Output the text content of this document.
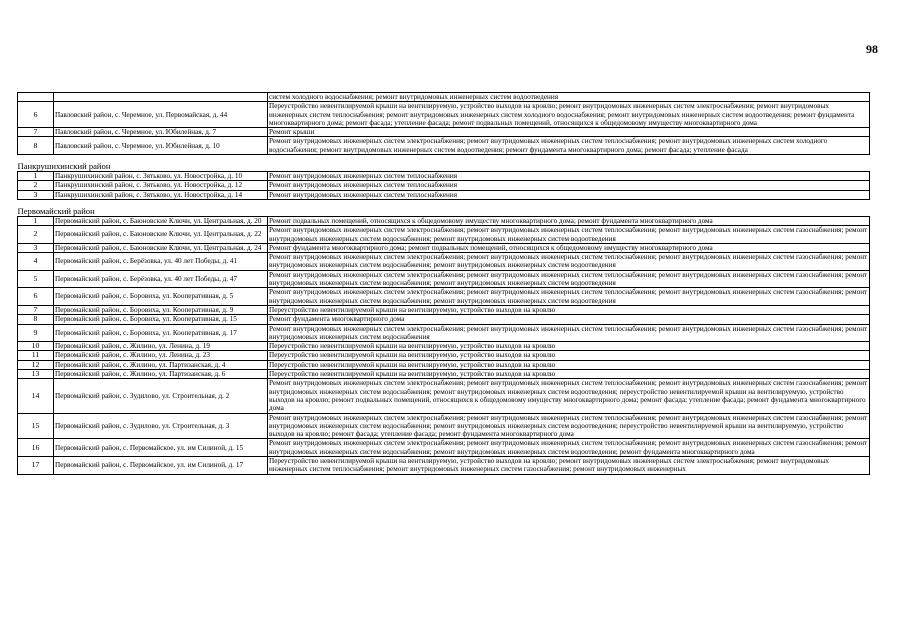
98
		систем холодного водоснабжения; ремонт внутридомовых инженерных систем водоотведения
6	Павловский район, с. Черемное, ул. Первомайская, д. 44	Переустройство невентилируемой крыши на вентилируемую, устройство выходов на кровлю; ремонт внутридомовых инженерных систем электроснабжения; ремонт внутридомовых инженерных систем теплоснабжения; ремонт внутридомовых инженерных систем холодного водоснабжения; ремонт внутридомовых инженерных систем водоотведения; ремонт фундамента многоквартирного дома; ремонт фасада; утепление фасада; ремонт подвальных помещений, относящихся к общедомовому имуществу многоквартирного дома
7	Павловский район, с. Черемное, ул. Юбилейная, д. 7	Ремонт крыши
8	Павловский район, с. Черемное, ул. Юбилейная, д. 10	Ремонт внутридомовых инженерных систем электроснабжения; ремонт внутридомовых инженерных систем теплоснабжения; ремонт внутридомовых инженерных систем холодного водоснабжения; ремонт внутридомовых инженерных систем водоотведения; ремонт фундамента многоквартирного дома; ремонт фасада; утепление фасада
Панкрушихинский район		
1	Панкрушихинский район, с. Зятьково, ул. Новостройка, д. 10	Ремонт внутридомовых инженерных систем теплоснабжения
2	Панкрушихинский район, с. Зятьково, ул. Новостройка, д. 12	Ремонт внутридомовых инженерных систем теплоснабжения
3	Панкрушихинский район, с. Зятьково, ул. Новостройка, д. 14	Ремонт внутридомовых инженерных систем теплоснабжения
Первомайский район		
1	Первомайский район, с. Баюновские Ключи, ул. Центральная, д. 20	Ремонт подвальных помещений, относящихся к общедомовому имуществу многоквартирного дома; ремонт фундамента многоквартирного дома
2	Первомайский район, с. Баюновские Ключи, ул. Центральная, д. 22	Ремонт внутридомовых инженерных систем электроснабжения; ремонт внутридомовых инженерных систем теплоснабжения; ремонт внутридомовых инженерных систем газоснабжения; ремонт внутридомовых инженерных систем водоснабжения; ремонт внутридомовых инженерных систем водоотведения
3	Первомайский район, с. Баюновские Ключи, ул. Центральная, д. 24	Ремонт фундамента многоквартирного дома; ремонт подвальных помещений, относящихся к общедомовому имуществу многоквартирного дома
4	Первомайский район, с. Берёзовка, ул. 40 лет Победы, д. 41	Ремонт внутридомовых инженерных систем электроснабжения; ремонт внутридомовых инженерных систем теплоснабжения; ремонт внутридомовых инженерных систем газоснабжения; ремонт внутридомовых инженерных систем водоснабжения; ремонт внутридомовых инженерных систем водоотведения
5	Первомайский район, с. Берёзовка, ул. 40 лет Победы, д. 47	Ремонт внутридомовых инженерных систем электроснабжения; ремонт внутридомовых инженерных систем теплоснабжения; ремонт внутридомовых инженерных систем газоснабжения; ремонт внутридомовых инженерных систем водоснабжения; ремонт внутридомовых инженерных систем водоотведения
6	Первомайский район, с. Боровиха, ул. Кооперативная, д. 5	Ремонт внутридомовых инженерных систем электроснабжения; ремонт внутридомовых инженерных систем теплоснабжения; ремонт внутридомовых инженерных систем газоснабжения; ремонт внутридомовых инженерных систем водоснабжения; ремонт внутридомовых инженерных систем водоотведения
7	Первомайский район, с. Боровиха, ул. Кооперативная, д. 9	Переустройство невентилируемой крыши на вентилируемую, устройство выходов на кровлю
8	Первомайский район, с. Боровиха, ул. Кооперативная, д. 15	Ремонт фундамента многоквартирного дома
9	Первомайский район, с. Боровиха, ул. Кооперативная, д. 17	Ремонт внутридомовых инженерных систем электроснабжения; ремонт внутридомовых инженерных систем теплоснабжения; ремонт внутридомовых инженерных систем газоснабжения; ремонт внутридомовых инженерных систем водоснабжения
10	Первомайский район, с. Жилино, ул. Ленина, д. 19	Переустройство невентилируемой крыши на вентилируемую, устройство выходов на кровлю
11	Первомайский район, с. Жилино, ул. Ленина, д. 23	Переустройство невентилируемой крыши на вентилируемую, устройство выходов на кровлю
12	Первомайский район, с. Жилино, ул. Партизанская, д. 4	Переустройство невентилируемой крыши на вентилируемую, устройство выходов на кровлю
13	Первомайский район, с. Жилино, ул. Партизанская, д. 6	Переустройство невентилируемой крыши на вентилируемую, устройство выходов на кровлю
14	Первомайский район, с. Зудилово, ул. Строительная, д. 2	Ремонт внутридомовых инженерных систем электроснабжения; ремонт внутридомовых инженерных систем теплоснабжения; ремонт внутридомовых инженерных систем газоснабжения; ремонт внутридомовых инженерных систем водоснабжения; ремонт внутридомовых инженерных систем водоотведения; переустройство невентилируемой крыши на вентилируемую, устройство выходов на кровлю; ремонт подвальных помещений, относящихся к общедомовому имуществу многоквартирного дома; ремонт фасада; утепление фасада; ремонт фундамента многоквартирного дома
15	Первомайский район, с. Зудилово, ул. Строительная, д. 3	Ремонт внутридомовых инженерных систем электроснабжения; ремонт внутридомовых инженерных систем теплоснабжения; ремонт внутридомовых инженерных систем газоснабжения; ремонт внутридомовых инженерных систем водоснабжения; ремонт внутридомовых инженерных систем водоотведения; переустройство невентилируемой крыши на вентилируемую, устройство выходов на кровлю; ремонт фасада; утепление фасада; ремонт фундамента многоквартирного дома
16	Первомайский район, с. Первомайское, ул. им Силиной, д. 15	Ремонт внутридомовых инженерных систем электроснабжения; ремонт внутридомовых инженерных систем теплоснабжения; ремонт внутридомовых инженерных систем газоснабжения; ремонт внутридомовых инженерных систем водоснабжения; ремонт внутридомовых инженерных систем водоотведения; ремонт фундамента многоквартирного дома
17	Первомайский район, с. Первомайское, ул. им Силиной, д. 17	Переустройство невентилируемой крыши на вентилируемую, устройство выходов на кровлю; ремонт внутридомовых инженерных систем электроснабжения; ремонт внутридомовых инженерных систем теплоснабжения; ремонт внутридомовых инженерных систем газоснабжения; ремонт внутридомовых инженерных
